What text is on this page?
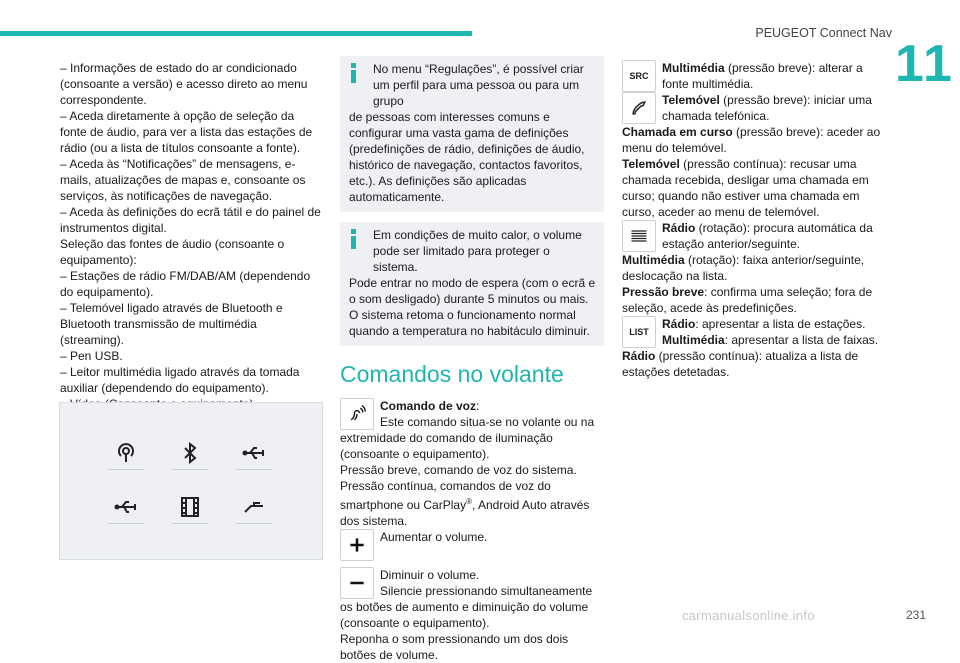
PEUGEOT Connect Nav
11

– Informações de estado do ar condicionado (consoante a versão) e acesso direto ao menu correspondente.

– Aceda diretamente à opção de seleção da fonte de áudio, para ver a lista das estações de rádio (ou a lista de títulos consoante a fonte).

– Aceda às “Notificações” de mensagens, e-mails, atualizações de mapas e, consoante os serviços, às notificações de navegação.

– Aceda às definições do ecrã tátil e do painel de instrumentos digital.

Seleção das fontes de áudio (consoante o equipamento):

– Estações de rádio FM/DAB/AM (dependendo do equipamento).

– Telemóvel ligado através de Bluetooth e Bluetooth transmissão de multimédia (streaming).

– Pen USB.

– Leitor multimédia ligado através da tomada auxiliar (dependendo do equipamento).

No menu “Regulações”, é possível criar um perfil para uma pessoa ou para um grupo

de pessoas com interesses comuns e configurar uma vasta gama de definições (predefinições de rádio, definições de áudio, histórico de navegação, contactos favoritos, etc.). As definições são aplicadas automaticamente.

Em condições de muito calor, o volume pode ser limitado para proteger o sistema.

Pode entrar no modo de espera (com o ecrã e o som desligado) durante 5 minutos ou mais.

O sistema retoma o funcionamento normal quando a temperatura no habitáculo diminuir.

Comandos no volante

Comando de voz:

Este comando situa-se no volante ou na

extremidade do comando de iluminação (consoante o equipamento).

Pressão breve, comando de voz do sistema.

Pressão contínua, comandos de voz do smartphone ou CarPlay®, Android Auto através dos sistema.

Aumentar o volume.

Diminuir o volume.

Silencie pressionando simultaneamente

os botões de aumento e diminuição do volume (consoante o equipamento).

Reponha o som pressionando um dos dois botões de volume.

SRC

Multimédia (pressão breve): alterar a fonte multimédia.

Telemóvel (pressão breve): iniciar uma chamada telefónica.

Chamada em curso (pressão breve): aceder ao menu do telemóvel.

Telemóvel (pressão contínua): recusar uma chamada recebida, desligar uma chamada em curso; quando não estiver uma chamada em curso, aceder ao menu de telemóvel.

Rádio (rotação): procura automática da estação anterior/seguinte.

Multimédia (rotação): faixa anterior/seguinte, deslocação na lista.

Pressão breve: confirma uma seleção; fora de seleção, acede às predefinições.

LIST

Rádio: apresentar a lista de estações.

Multimédia: apresentar a lista de faixas.

Rádio (pressão contínua): atualiza a lista de estações detetadas.

carmanualsonline.info	231
